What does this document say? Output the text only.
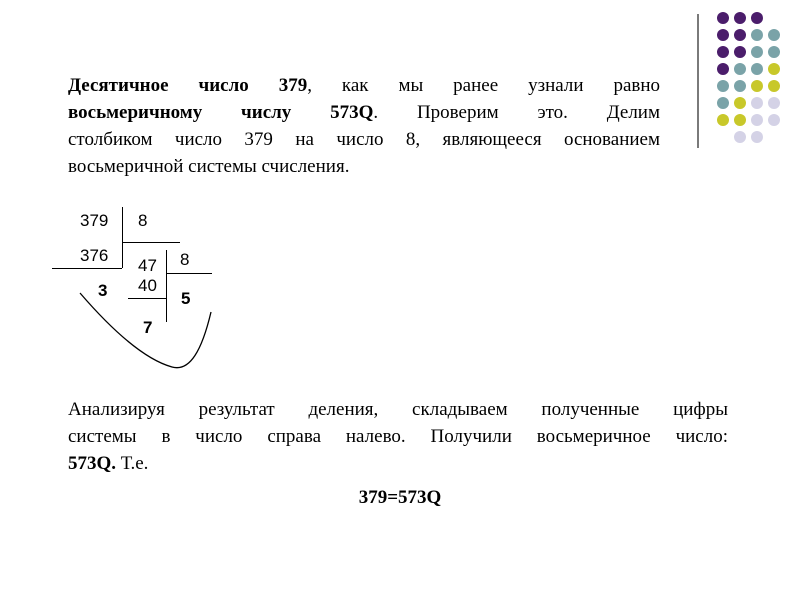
Десятичное число 379, как мы ранее узнали равно
восьмеричному числу 573Q. Проверим это. Делим
столбиком число 379 на число 8, являющееся основанием
восьмеричной системы счисления.
379 8
376
3
47 8
40
5
7
Анализируя результат деления, складываем полученные цифры
системы в число справа налево. Получили восьмеричное число:
573Q. Т.е.
379=573Q
